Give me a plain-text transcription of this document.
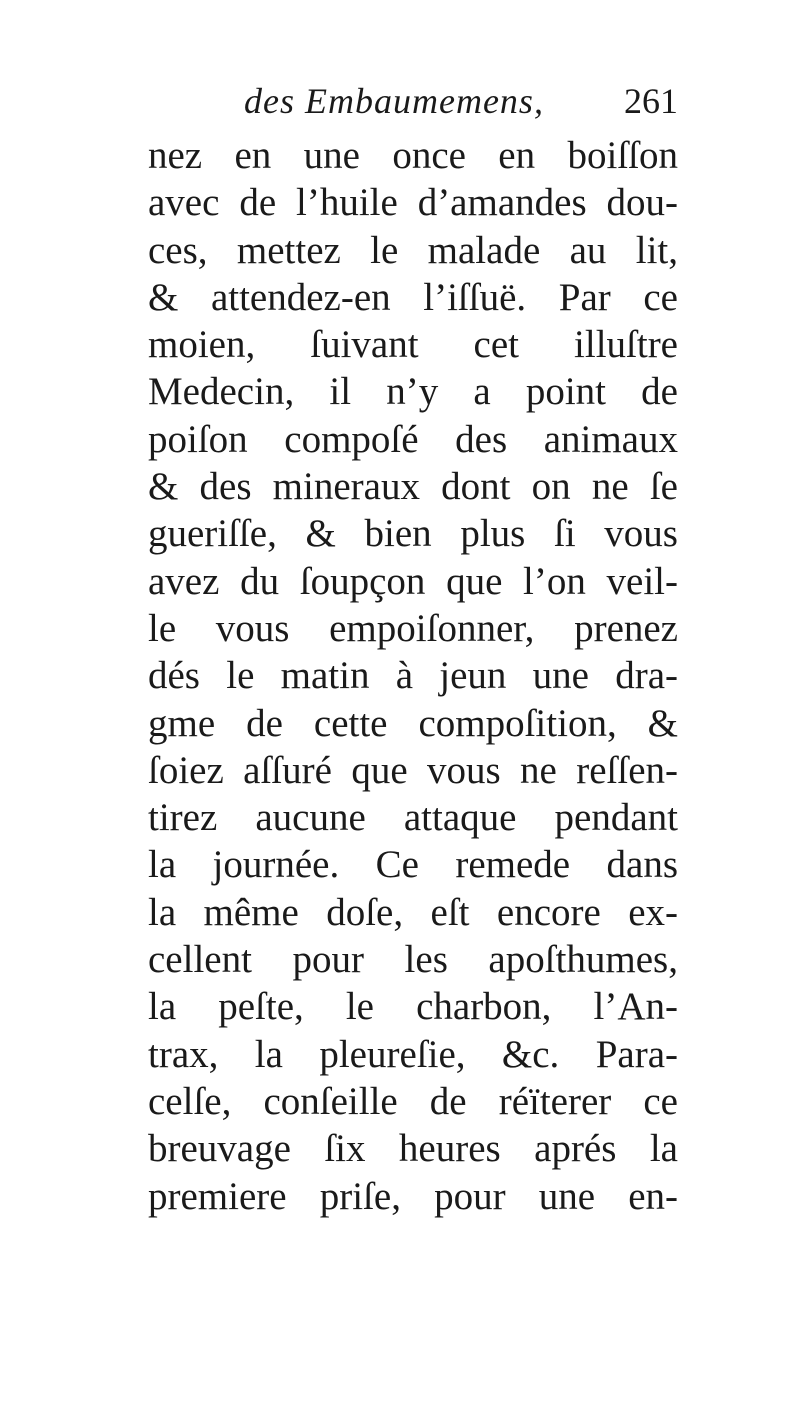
des Embaumemens, 261
nez en une once en boiſſon
avec de l’huile d’amandes dou-
ces, mettez le malade au lit,
& attendez-en l’iſſuë. Par ce
moien, ſuivant cet illuſtre
Medecin, il n’y a point de
poiſon compoſé des animaux
& des mineraux dont on ne ſe
gueriſſe, & bien plus ſi vous
avez du ſoupçon que l’on veil-
le vous empoiſonner, prenez
dés le matin à jeun une dra-
gme de cette compoſition, &
ſoiez aſſuré que vous ne reſſen-
tirez aucune attaque pendant
la journée. Ce remede dans
la même doſe, eſt encore ex-
cellent pour les apoſthumes,
la peſte, le charbon, l’An-
trax, la pleureſie, &c. Para-
celſe, conſeille de réïterer ce
breuvage ſix heures aprés la
premiere priſe, pour une en-
